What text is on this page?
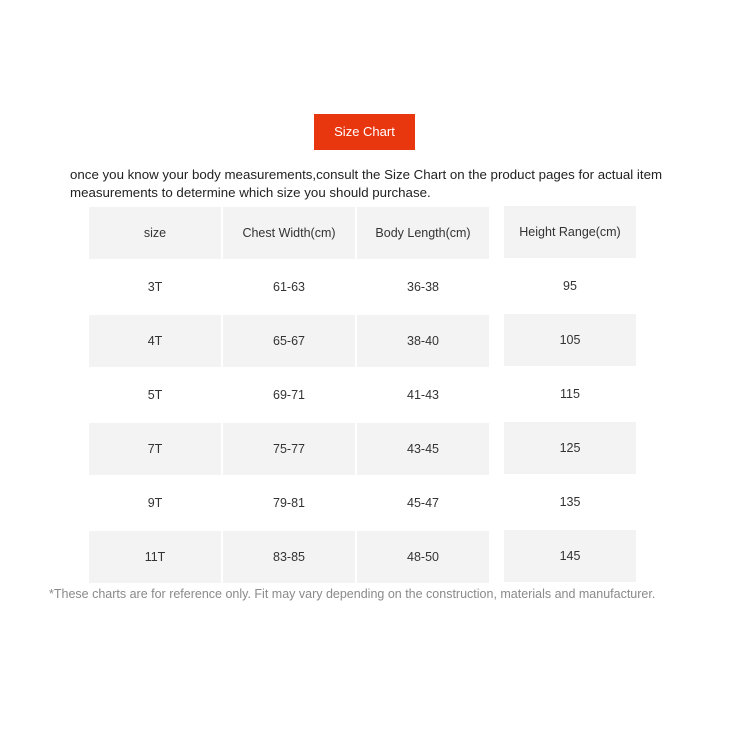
Size Chart

once you know your body measurements,consult the Size Chart on the product pages for actual item measurements to determine which size you should purchase.

size	Chest Width(cm)	Body Length(cm)	Height Range(cm)
3T	61-63	36-38	95
4T	65-67	38-40	105
5T	69-71	41-43	115
7T	75-77	43-45	125
9T	79-81	45-47	135
11T	83-85	48-50	145

*These charts are for reference only. Fit may vary depending on the construction, materials and manufacturer.
